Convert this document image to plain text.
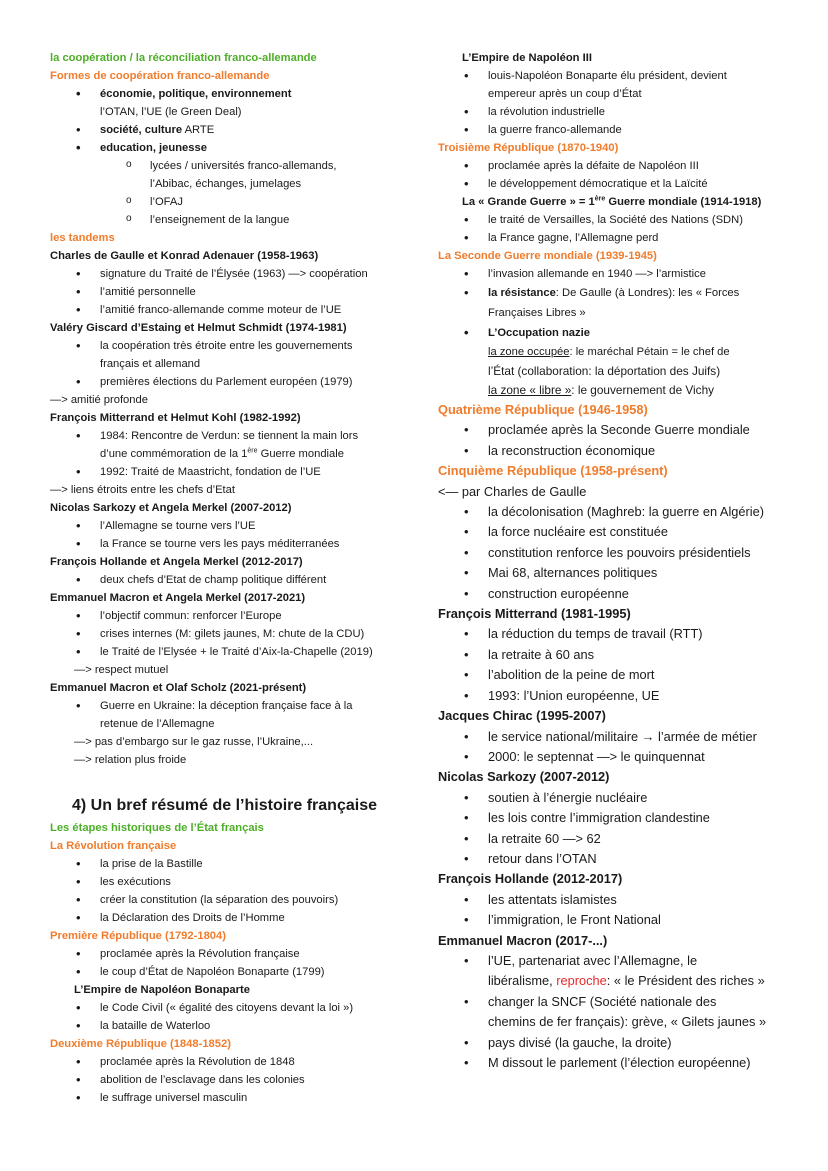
la coopération / la réconciliation franco-allemande
Formes de coopération franco-allemande
• économie, politique, environnement
l’OTAN, l’UE (le Green Deal)
• société, culture ARTE
• education, jeunesse
o lycées / universités franco-allemands,
l’Abibac, échanges, jumelages
o l’OFAJ
o l’enseignement de la langue
les tandems
Charles de Gaulle et Konrad Adenauer (1958-1963)
• signature du Traité de l’Élysée (1963) —> coopération
• l’amitié personnelle
• l’amitié franco-allemande comme moteur de l’UE
Valéry Giscard d’Estaing et Helmut Schmidt (1974-1981)
• la coopération très étroite entre les gouvernements
français et allemand
• premières élections du Parlement européen (1979)
—> amitié profonde
François Mitterrand et Helmut Kohl (1982-1992)
• 1984: Rencontre de Verdun: se tiennent la main lors
d’une commémoration de la 1ère Guerre mondiale
• 1992: Traité de Maastricht, fondation de l’UE
—> liens étroits entre les chefs d’Etat
Nicolas Sarkozy et Angela Merkel (2007-2012)
• l’Allemagne se tourne vers l’UE
• la France se tourne vers les pays méditerranées
François Hollande et Angela Merkel (2012-2017)
• deux chefs d’Etat de champ politique différent
Emmanuel Macron et Angela Merkel (2017-2021)
• l’objectif commun: renforcer l’Europe
• crises internes (M: gilets jaunes, M: chute de la CDU)
• le Traité de l’Elysée + le Traité d’Aix-la-Chapelle (2019)
—> respect mutuel
Emmanuel Macron et Olaf Scholz (2021-présent)
• Guerre en Ukraine: la déception française face à la
retenue de l’Allemagne
—> pas d’embargo sur le gaz russe, l’Ukraine,...
—> relation plus froide
4) Un bref résumé de l’histoire française
Les étapes historiques de l’État français
La Révolution française
• la prise de la Bastille
• les exécutions
• créer la constitution (la séparation des pouvoirs)
• la Déclaration des Droits de l’Homme
Première République (1792-1804)
• proclamée après la Révolution française
• le coup d’État de Napoléon Bonaparte (1799)
L’Empire de Napoléon Bonaparte
• le Code Civil (« égalité des citoyens devant la loi »)
• la bataille de Waterloo
Deuxième République (1848-1852)
• proclamée après la Révolution de 1848
• abolition de l’esclavage dans les colonies
• le suffrage universel masculin
L’Empire de Napoléon III
• louis-Napoléon Bonaparte élu président, devient
empereur après un coup d’État
• la révolution industrielle
• la guerre franco-allemande
Troisième République (1870-1940)
• proclamée après la défaite de Napoléon III
• le développement démocratique et la Laïcité
La « Grande Guerre » = 1ère Guerre mondiale (1914-1918)
• le traité de Versailles, la Société des Nations (SDN)
• la France gagne, l’Allemagne perd
La Seconde Guerre mondiale (1939-1945)
• l’invasion allemande en 1940 —> l’armistice
• la résistance: De Gaulle (à Londres): les « Forces
Françaises Libres »
• L’Occupation nazie
la zone occupée: le maréchal Pétain = le chef de
l’État (collaboration: la déportation des Juifs)
la zone « libre »: le gouvernement de Vichy
Quatrième République (1946-1958)
• proclamée après la Seconde Guerre mondiale
• la reconstruction économique
Cinquième République (1958-présent)
<— par Charles de Gaulle
• la décolonisation (Maghreb: la guerre en Algérie)
• la force nucléaire est constituée
• constitution renforce les pouvoirs présidentiels
• Mai 68, alternances politiques
• construction européenne
François Mitterrand (1981-1995)
• la réduction du temps de travail (RTT)
• la retraite à 60 ans
• l’abolition de la peine de mort
• 1993: l’Union européenne, UE
Jacques Chirac (1995-2007)
• le service national/militaire → l’armée de métier
• 2000: le septennat —> le quinquennat
Nicolas Sarkozy (2007-2012)
• soutien à l’énergie nucléaire
• les lois contre l’immigration clandestine
• la retraite 60 —> 62
• retour dans l’OTAN
François Hollande (2012-2017)
• les attentats islamistes
• l’immigration, le Front National
Emmanuel Macron (2017-...)
• l’UE, partenariat avec l’Allemagne, le
libéralisme, reproche: « le Président des riches »
• changer la SNCF (Société nationale des
chemins de fer français): grève, « Gilets jaunes »
• pays divisé (la gauche, la droite)
• M dissout le parlement (l’élection européenne)
